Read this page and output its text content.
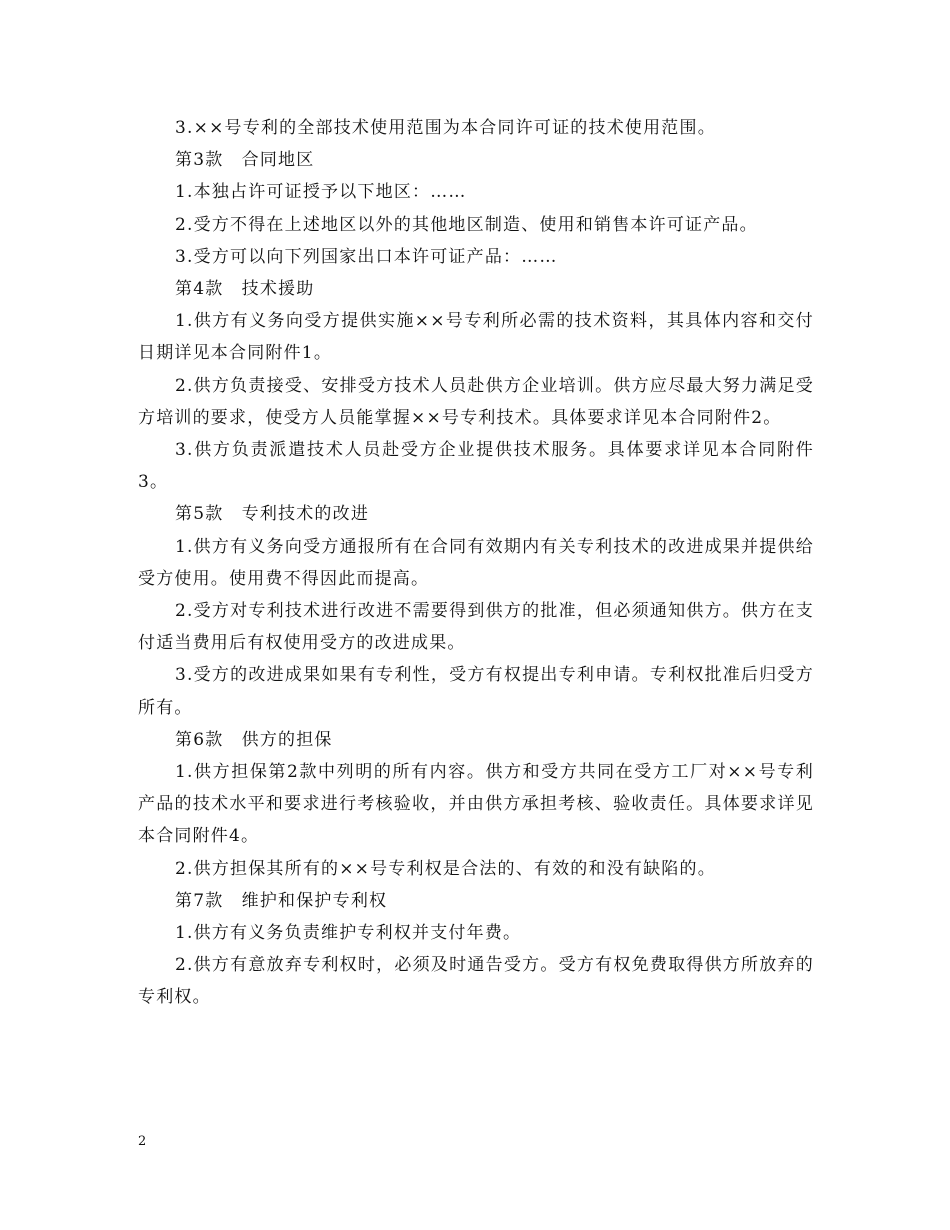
3.××号专利的全部技术使用范围为本合同许可证的技术使用范围。

第3款　合同地区

1.本独占许可证授予以下地区：……

2.受方不得在上述地区以外的其他地区制造、使用和销售本许可证产品。

3.受方可以向下列国家出口本许可证产品：……

第4款　技术援助

1.供方有义务向受方提供实施××号专利所必需的技术资料，其具体内容和交付日期详见本合同附件1。

2.供方负责接受、安排受方技术人员赴供方企业培训。供方应尽最大努力满足受方培训的要求，使受方人员能掌握××号专利技术。具体要求详见本合同附件2。

3.供方负责派遣技术人员赴受方企业提供技术服务。具体要求详见本合同附件3。

第5款　专利技术的改进

1.供方有义务向受方通报所有在合同有效期内有关专利技术的改进成果并提供给受方使用。使用费不得因此而提高。

2.受方对专利技术进行改进不需要得到供方的批准，但必须通知供方。供方在支付适当费用后有权使用受方的改进成果。

3.受方的改进成果如果有专利性，受方有权提出专利申请。专利权批准后归受方所有。

第6款　供方的担保

1.供方担保第2款中列明的所有内容。供方和受方共同在受方工厂对××号专利产品的技术水平和要求进行考核验收，并由供方承担考核、验收责任。具体要求详见本合同附件4。

2.供方担保其所有的××号专利权是合法的、有效的和没有缺陷的。

第7款　维护和保护专利权

1.供方有义务负责维护专利权并支付年费。

2.供方有意放弃专利权时，必须及时通告受方。受方有权免费取得供方所放弃的专利权。

2
